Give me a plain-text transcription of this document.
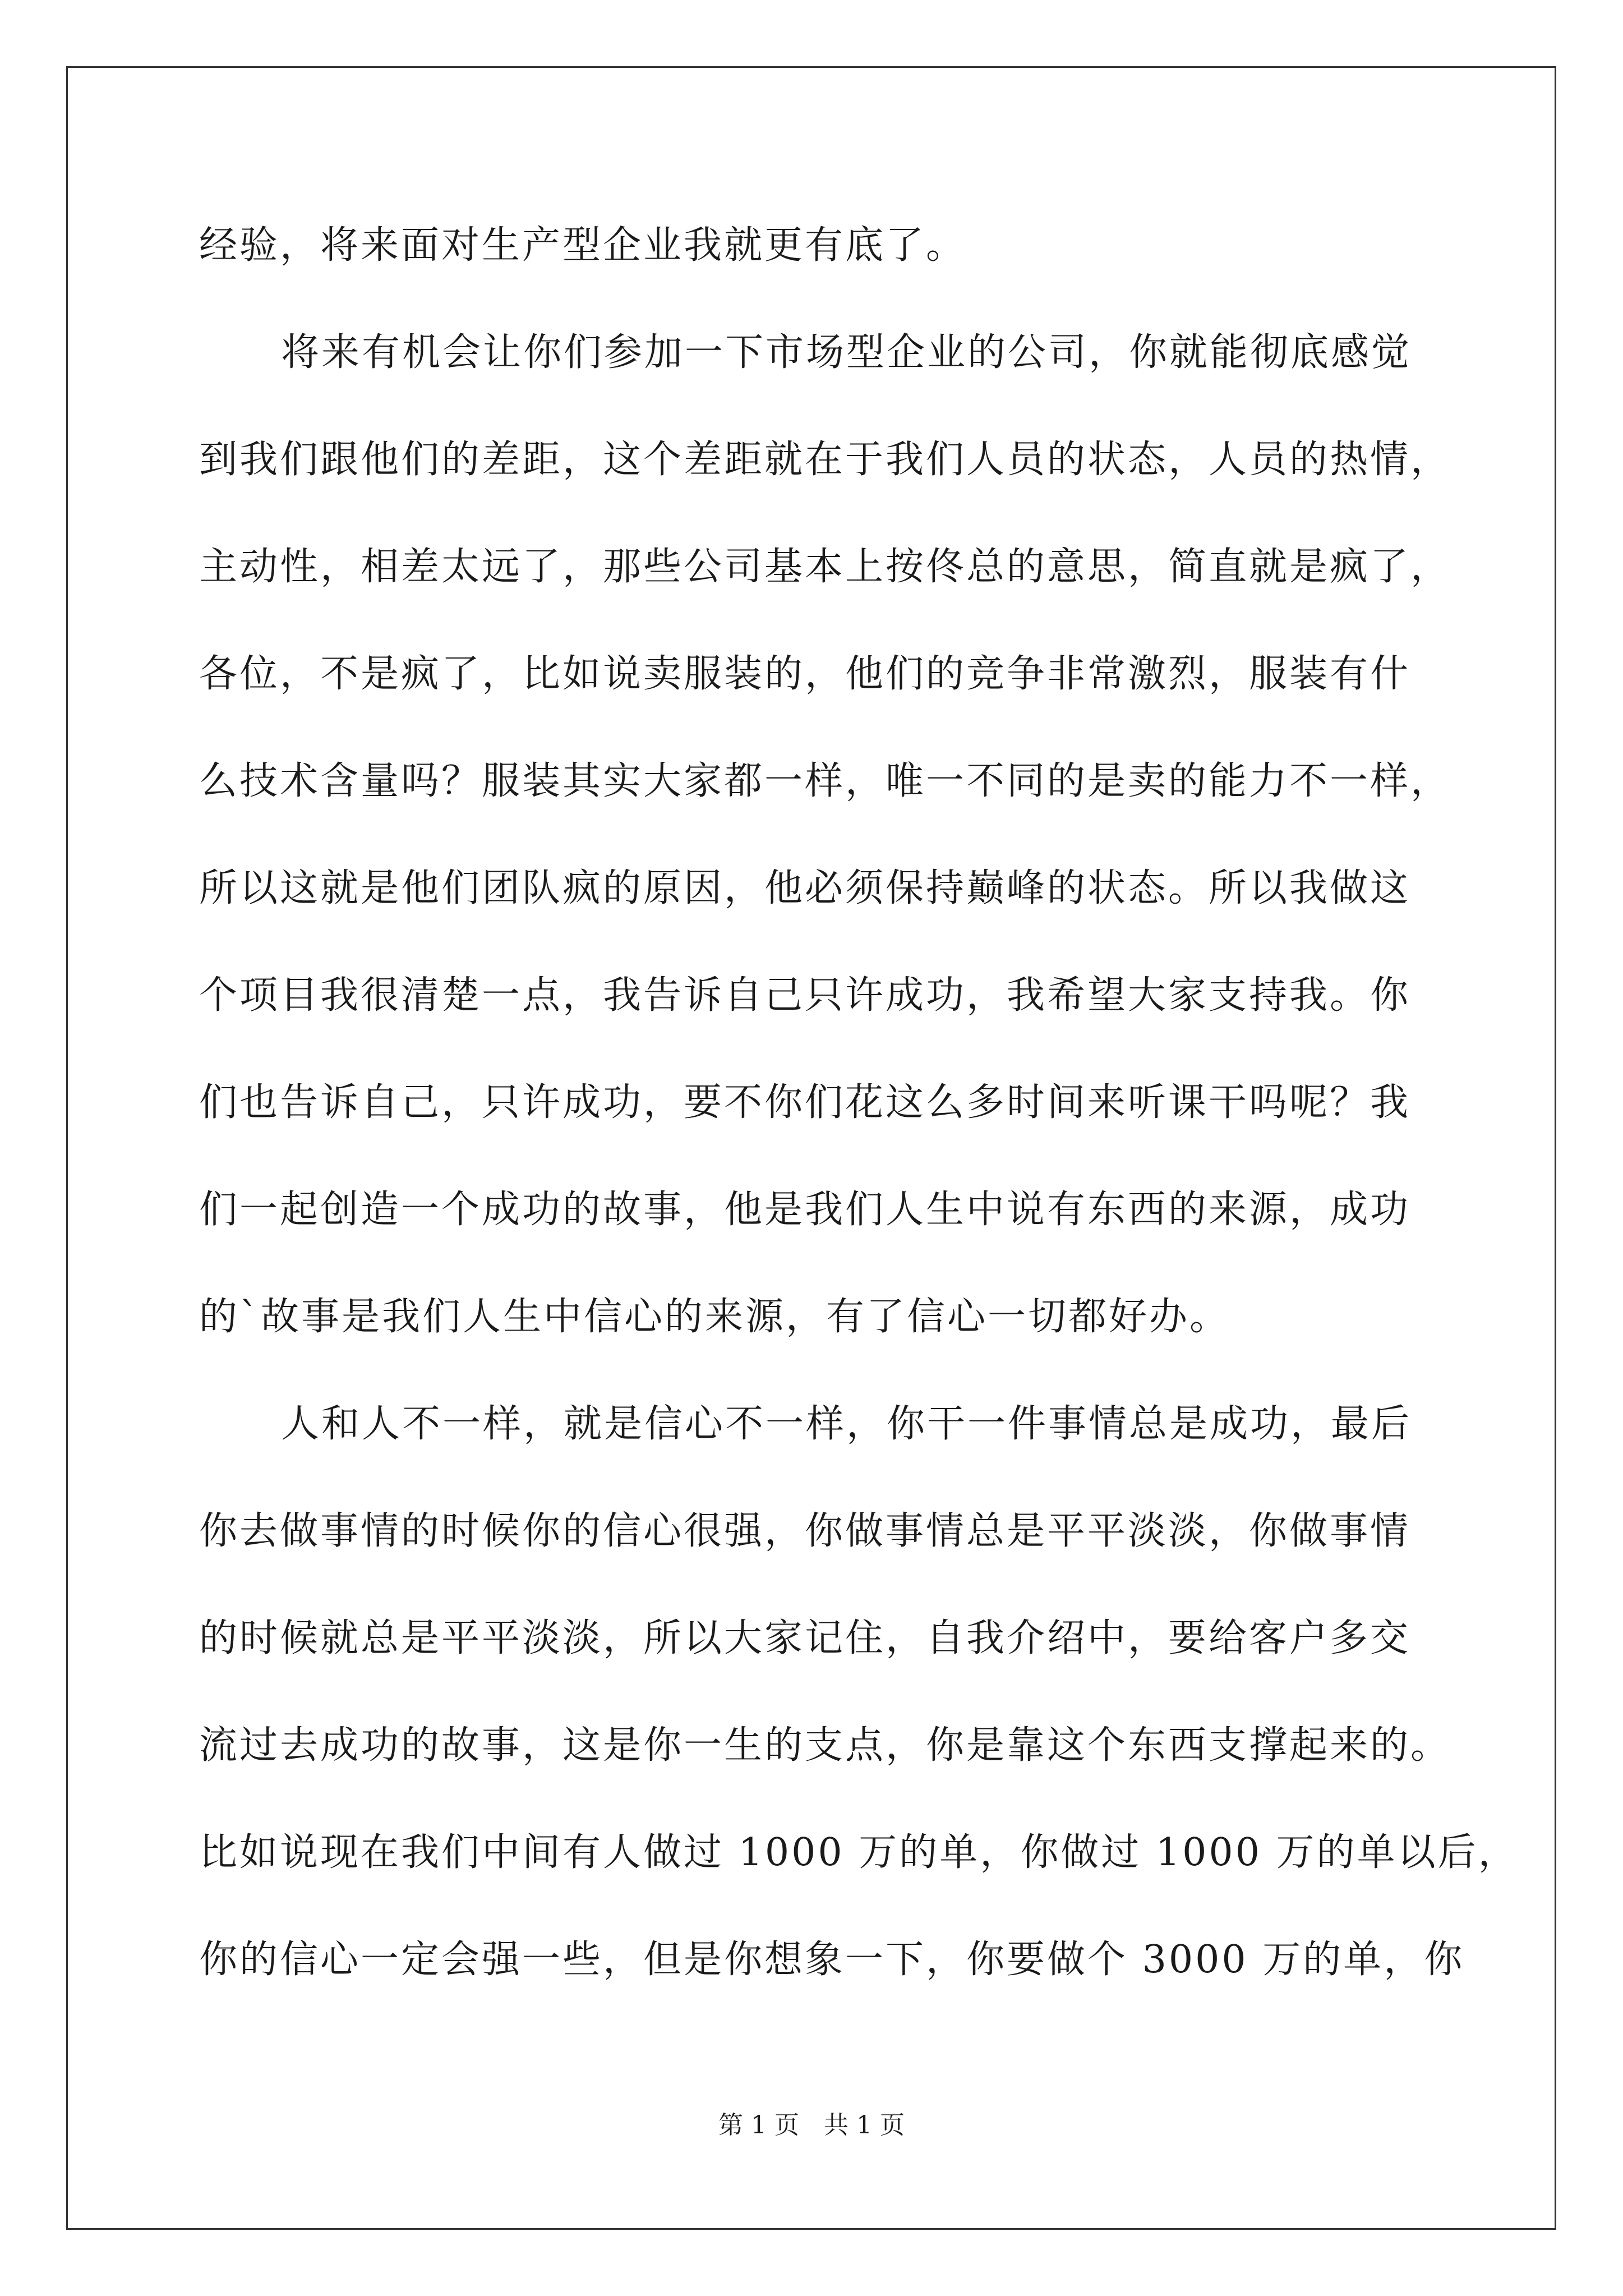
经验，将来面对生产型企业我就更有底了。
将来有机会让你们参加一下市场型企业的公司，你就能彻底感觉
到我们跟他们的差距，这个差距就在于我们人员的状态，人员的热情，
主动性，相差太远了，那些公司基本上按佟总的意思，简直就是疯了，
各位，不是疯了，比如说卖服装的，他们的竞争非常激烈，服装有什
么技术含量吗？服装其实大家都一样，唯一不同的是卖的能力不一样，
所以这就是他们团队疯的原因，他必须保持巅峰的状态。所以我做这
个项目我很清楚一点，我告诉自己只许成功，我希望大家支持我。你
们也告诉自己，只许成功，要不你们花这么多时间来听课干吗呢？我
们一起创造一个成功的故事，他是我们人生中说有东西的来源，成功
的`故事是我们人生中信心的来源，有了信心一切都好办。
人和人不一样，就是信心不一样，你干一件事情总是成功，最后
你去做事情的时候你的信心很强，你做事情总是平平淡淡，你做事情
的时候就总是平平淡淡，所以大家记住，自我介绍中，要给客户多交
流过去成功的故事，这是你一生的支点，你是靠这个东西支撑起来的。
比如说现在我们中间有人做过 1000 万的单，你做过 1000 万的单以后，
你的信心一定会强一些，但是你想象一下，你要做个 3000 万的单，你
第 1 页 共 1 页
